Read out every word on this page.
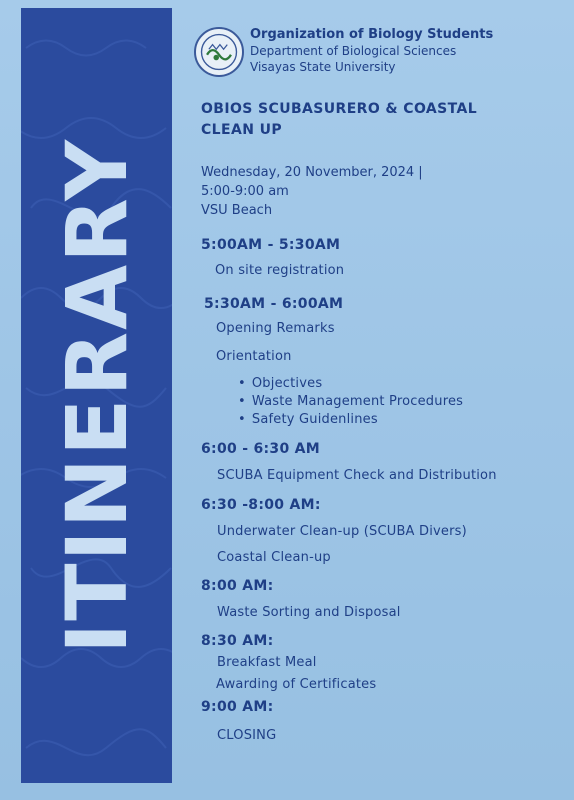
ITINERARY
Organization of Biology Students
Department of Biological Sciences
Visayas State University
OBIOS SCUBASURERO & COASTAL CLEAN UP
Wednesday, 20 November, 2024 |
5:00-9:00 am
VSU Beach
5:00AM - 5:30AM
On site registration
5:30AM - 6:00AM
Opening Remarks
Orientation
• Objectives
• Waste Management Procedures
• Safety Guidenlines
6:00 - 6:30 AM
SCUBA Equipment Check and Distribution
6:30 -8:00 AM:
Underwater Clean-up (SCUBA Divers)
Coastal Clean-up
8:00 AM:
Waste Sorting and Disposal
8:30 AM:
Breakfast Meal
Awarding of Certificates
9:00 AM:
CLOSING
